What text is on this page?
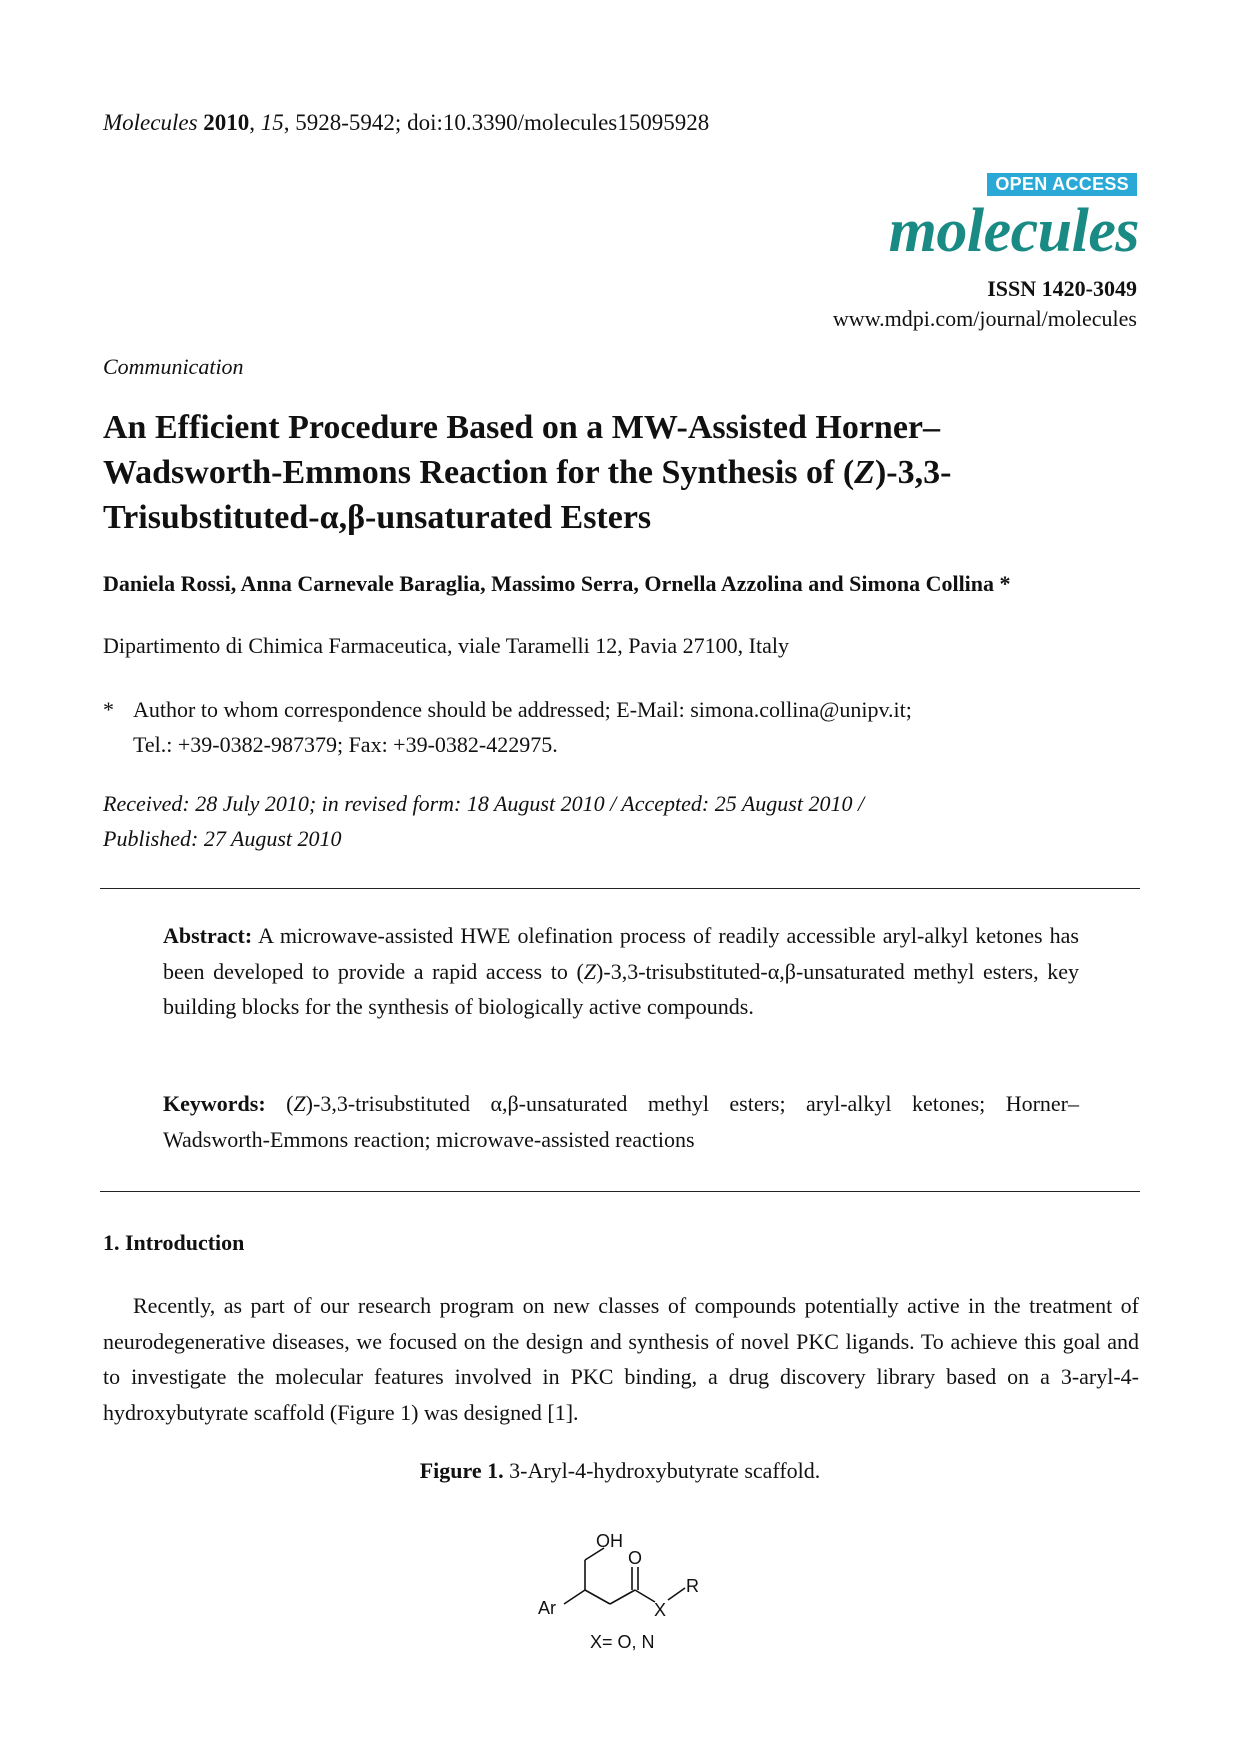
Molecules 2010, 15, 5928-5942; doi:10.3390/molecules15095928
OPEN ACCESS
molecules
ISSN 1420-3049
www.mdpi.com/journal/molecules
Communication
An Efficient Procedure Based on a MW-Assisted Horner–
Wadsworth-Emmons Reaction for the Synthesis of (Z)-3,3-
Trisubstituted-α,β-unsaturated Esters
Daniela Rossi, Anna Carnevale Baraglia, Massimo Serra, Ornella Azzolina and Simona Collina *
Dipartimento di Chimica Farmaceutica, viale Taramelli 12, Pavia 27100, Italy
* Author to whom correspondence should be addressed; E-Mail: simona.collina@unipv.it;
Tel.: +39-0382-987379; Fax: +39-0382-422975.
Received: 28 July 2010; in revised form: 18 August 2010 / Accepted: 25 August 2010 /
Published: 27 August 2010
Abstract: A microwave-assisted HWE olefination process of readily accessible aryl-alkyl ketones has been developed to provide a rapid access to (Z)-3,3-trisubstituted-α,β-unsaturated methyl esters, key building blocks for the synthesis of biologically active compounds.
Keywords: (Z)-3,3-trisubstituted α,β-unsaturated methyl esters; aryl-alkyl ketones; Horner–Wadsworth-Emmons reaction; microwave-assisted reactions
1. Introduction
Recently, as part of our research program on new classes of compounds potentially active in the treatment of neurodegenerative diseases, we focused on the design and synthesis of novel PKC ligands. To achieve this goal and to investigate the molecular features involved in PKC binding, a drug discovery library based on a 3-aryl-4-hydroxybutyrate scaffold (Figure 1) was designed [1].
Figure 1. 3-Aryl-4-hydroxybutyrate scaffold.
OH
O
R
Ar	X
X= O, N
